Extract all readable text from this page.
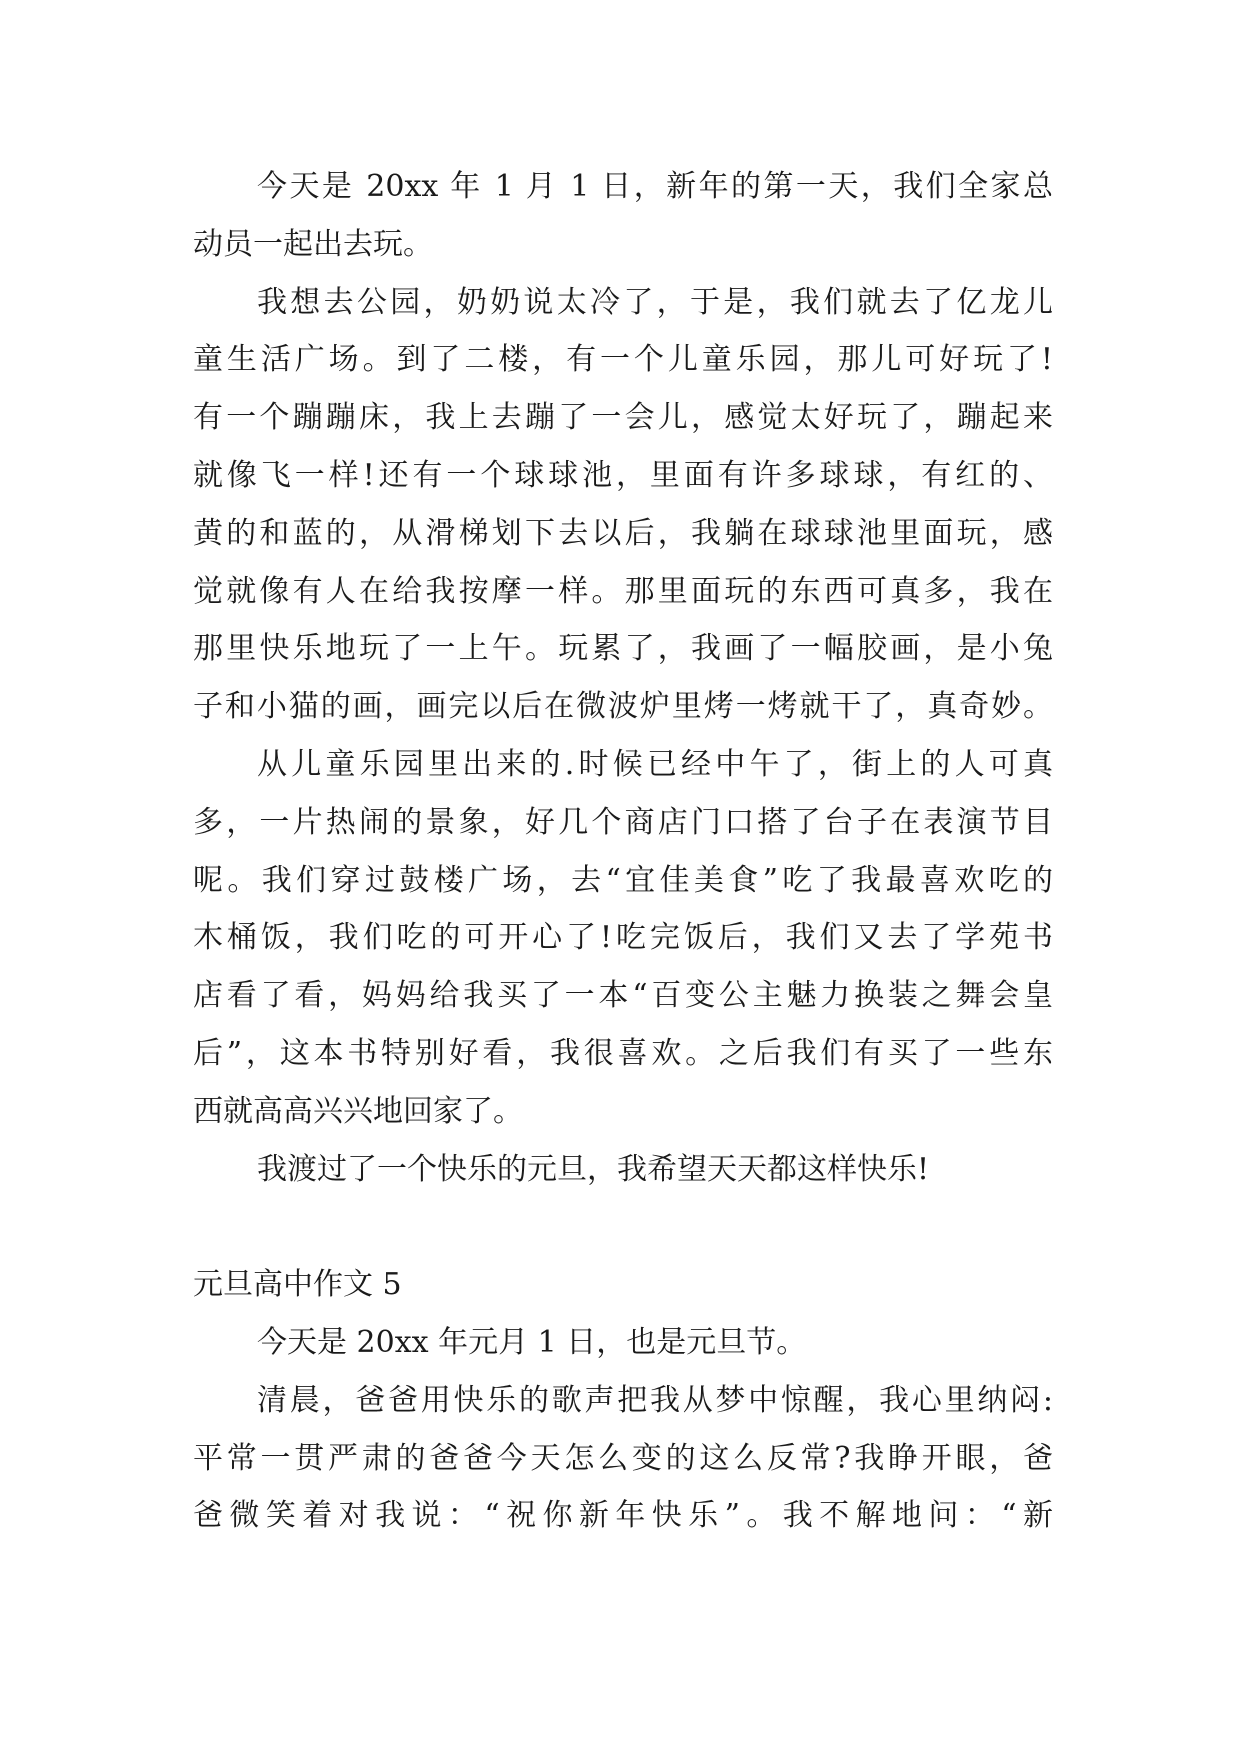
今天是 20xx 年 1 月 1 日，新年的第一天，我们全家总
动员一起出去玩。
我想去公园，奶奶说太冷了，于是，我们就去了亿龙儿
童生活广场。到了二楼，有一个儿童乐园，那儿可好玩了!
有一个蹦蹦床，我上去蹦了一会儿，感觉太好玩了，蹦起来
就像飞一样!还有一个球球池，里面有许多球球，有红的、
黄的和蓝的，从滑梯划下去以后，我躺在球球池里面玩，感
觉就像有人在给我按摩一样。那里面玩的东西可真多，我在
那里快乐地玩了一上午。玩累了，我画了一幅胶画，是小兔
子和小猫的画，画完以后在微波炉里烤一烤就干了，真奇妙。
从儿童乐园里出来的.时候已经中午了，街上的人可真
多，一片热闹的景象，好几个商店门口搭了台子在表演节目
呢。我们穿过鼓楼广场，去“宜佳美食”吃了我最喜欢吃的
木桶饭，我们吃的可开心了!吃完饭后，我们又去了学苑书
店看了看，妈妈给我买了一本“百变公主魅力换装之舞会皇
后”，这本书特别好看，我很喜欢。之后我们有买了一些东
西就高高兴兴地回家了。
我渡过了一个快乐的元旦，我希望天天都这样快乐!
元旦高中作文 5
今天是 20xx 年元月 1 日，也是元旦节。
清晨，爸爸用快乐的歌声把我从梦中惊醒，我心里纳闷:
平常一贯严肃的爸爸今天怎么变的这么反常?我睁开眼，爸
爸微笑着对我说：“祝你新年快乐”。我不解地问：“新
